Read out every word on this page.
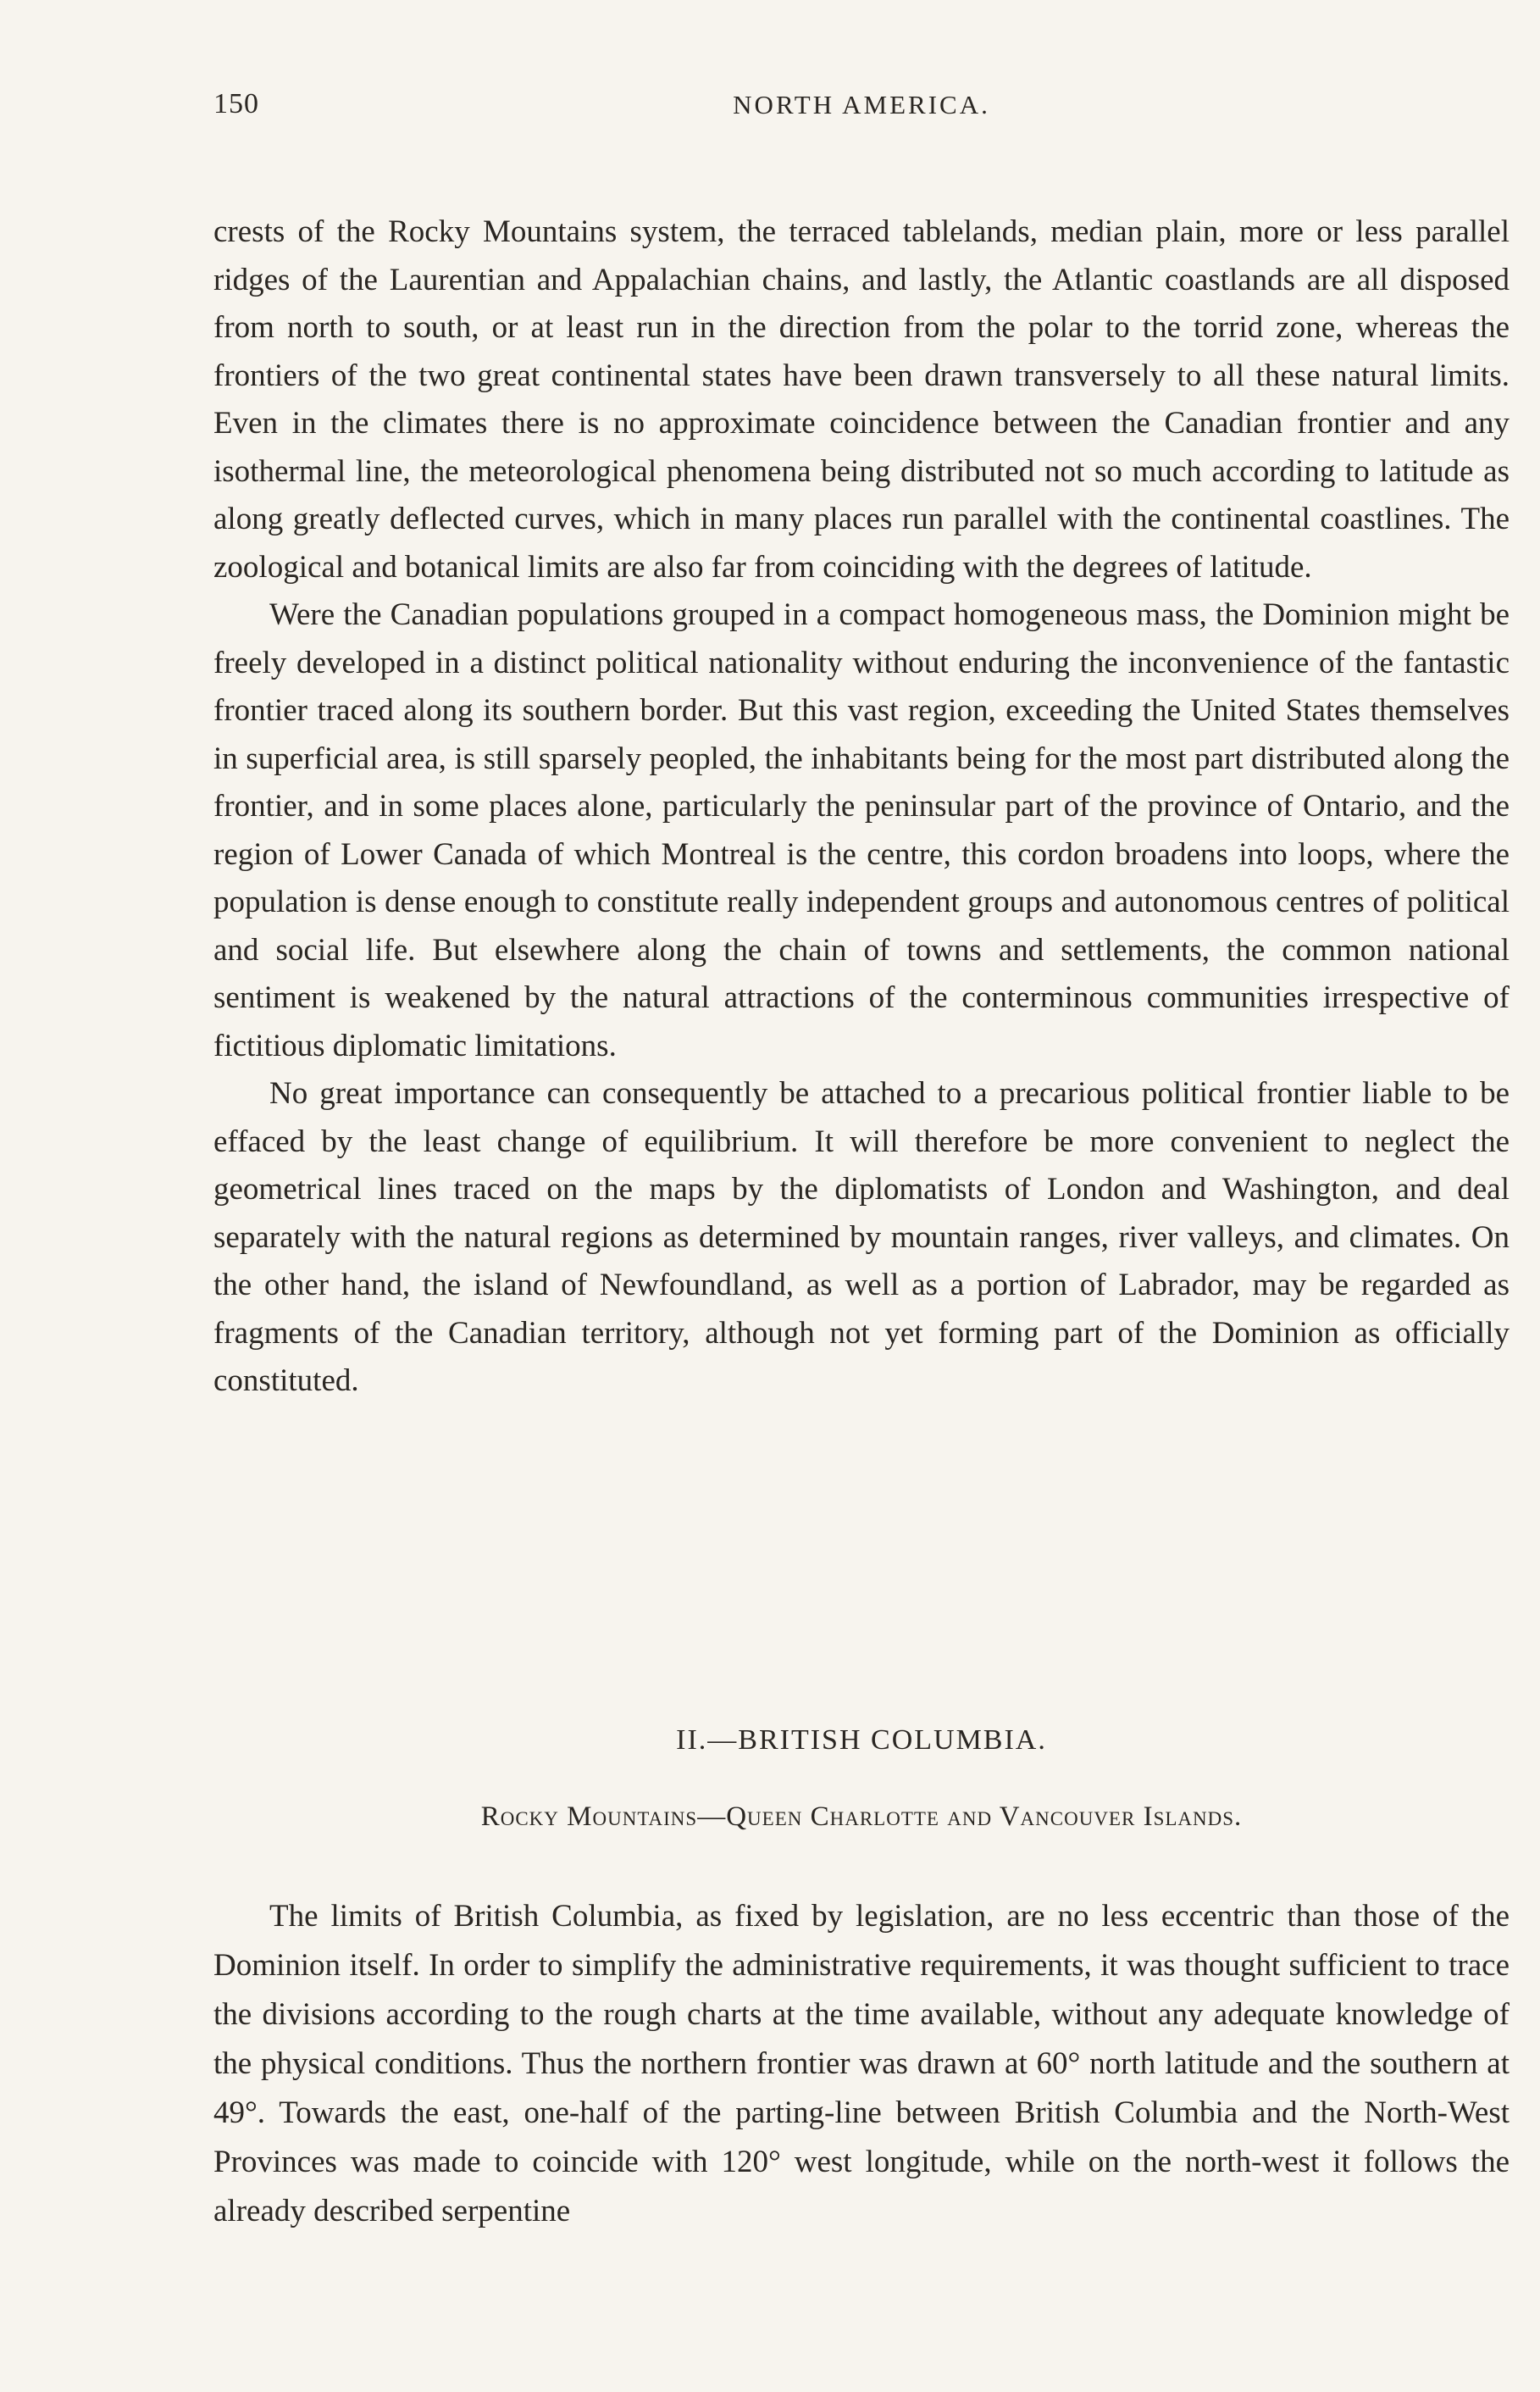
150	NORTH AMERICA.

crests of the Rocky Mountains system, the terraced tablelands, median plain, more or less parallel ridges of the Laurentian and Appalachian chains, and lastly, the Atlantic coastlands are all disposed from north to south, or at least run in the direction from the polar to the torrid zone, whereas the frontiers of the two great continental states have been drawn transversely to all these natural limits. Even in the climates there is no approximate coincidence between the Canadian frontier and any isothermal line, the meteorological phenomena being distributed not so much according to latitude as along greatly deflected curves, which in many places run parallel with the continental coastlines. The zoological and botanical limits are also far from coinciding with the degrees of latitude.

Were the Canadian populations grouped in a compact homogeneous mass, the Dominion might be freely developed in a distinct political nationality without enduring the inconvenience of the fantastic frontier traced along its southern border. But this vast region, exceeding the United States themselves in superficial area, is still sparsely peopled, the inhabitants being for the most part distributed along the frontier, and in some places alone, particularly the peninsular part of the province of Ontario, and the region of Lower Canada of which Montreal is the centre, this cordon broadens into loops, where the population is dense enough to constitute really independent groups and autonomous centres of political and social life. But elsewhere along the chain of towns and settlements, the common national sentiment is weakened by the natural attractions of the conterminous communities irrespective of fictitious diplomatic limitations.

No great importance can consequently be attached to a precarious political frontier liable to be effaced by the least change of equilibrium. It will therefore be more convenient to neglect the geometrical lines traced on the maps by the diplomatists of London and Washington, and deal separately with the natural regions as determined by mountain ranges, river valleys, and climates. On the other hand, the island of Newfoundland, as well as a portion of Labrador, may be regarded as fragments of the Canadian territory, although not yet forming part of the Dominion as officially constituted.

II.—BRITISH COLUMBIA.
Rocky Mountains—Queen Charlotte and Vancouver Islands.

The limits of British Columbia, as fixed by legislation, are no less eccentric than those of the Dominion itself. In order to simplify the administrative requirements, it was thought sufficient to trace the divisions according to the rough charts at the time available, without any adequate knowledge of the physical conditions. Thus the northern frontier was drawn at 60° north latitude and the southern at 49°. Towards the east, one-half of the parting-line between British Columbia and the North-West Provinces was made to coincide with 120° west longitude, while on the north-west it follows the already described serpentine
